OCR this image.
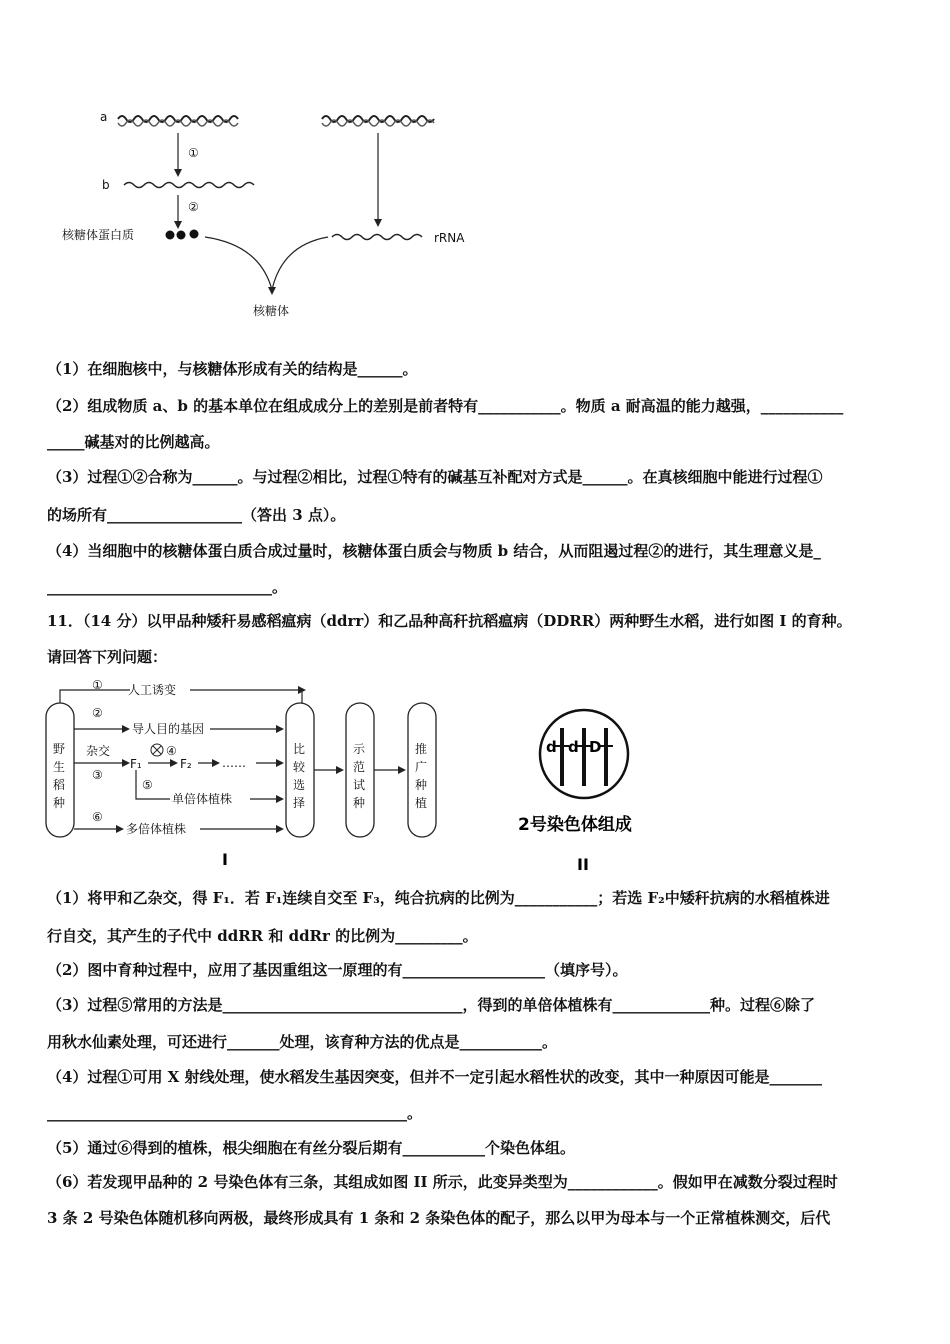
a
①
b
②
核糖体蛋白质	rRNA
核糖体
（1）在细胞核中，与核糖体形成有关的结构是______。
（2）组成物质 a、b 的基本单位在组成成分上的差别是前者特有___________。物质 a 耐高温的能力越强，___________
_____碱基对的比例越高。
（3）过程①②合称为______。与过程②相比，过程①特有的碱基互补配对方式是______。在真核细胞中能进行过程①
的场所有__________________（答出 3 点）。
（4）当细胞中的核糖体蛋白质合成过量时，核糖体蛋白质会与物质 b 结合，从而阻遏过程②的进行，其生理意义是_
______________________________。
11．（14 分）以甲品种矮秆易感稻瘟病（ddrr）和乙品种高秆抗稻瘟病（DDRR）两种野生水稻，进行如图 I 的育种。
请回答下列问题：
野
生
稻
种
① 人工诱变
②
导人目的基因
杂交
③
F₁
④
F₂	……
⑤
单倍体植株
⑥
多倍体植株
比
较
选
择
示
范
试
种
推
广
种
植
I
d d D
2号染色体组成
II
（1）将甲和乙杂交，得 F₁．若 F₁连续自交至 F₃，纯合抗病的比例为___________；若选 F₂中矮秆抗病的水稻植株进
行自交，其产生的子代中 ddRR 和 ddRr 的比例为_________。
（2）图中育种过程中，应用了基因重组这一原理的有___________________（填序号）。
（3）过程⑤常用的方法是________________________________，得到的单倍体植株有_____________种。过程⑥除了
用秋水仙素处理，可还进行_______处理，该育种方法的优点是___________。
（4）过程①可用 X 射线处理，使水稻发生基因突变，但并不一定引起水稻性状的改变，其中一种原因可能是_______
________________________________________________。
（5）通过⑥得到的植株，根尖细胞在有丝分裂后期有___________个染色体组。
（6）若发现甲品种的 2 号染色体有三条，其组成如图 II 所示，此变异类型为____________。假如甲在减数分裂过程时
3 条 2 号染色体随机移向两极，最终形成具有 1 条和 2 条染色体的配子，那么以甲为母本与一个正常植株测交，后代
